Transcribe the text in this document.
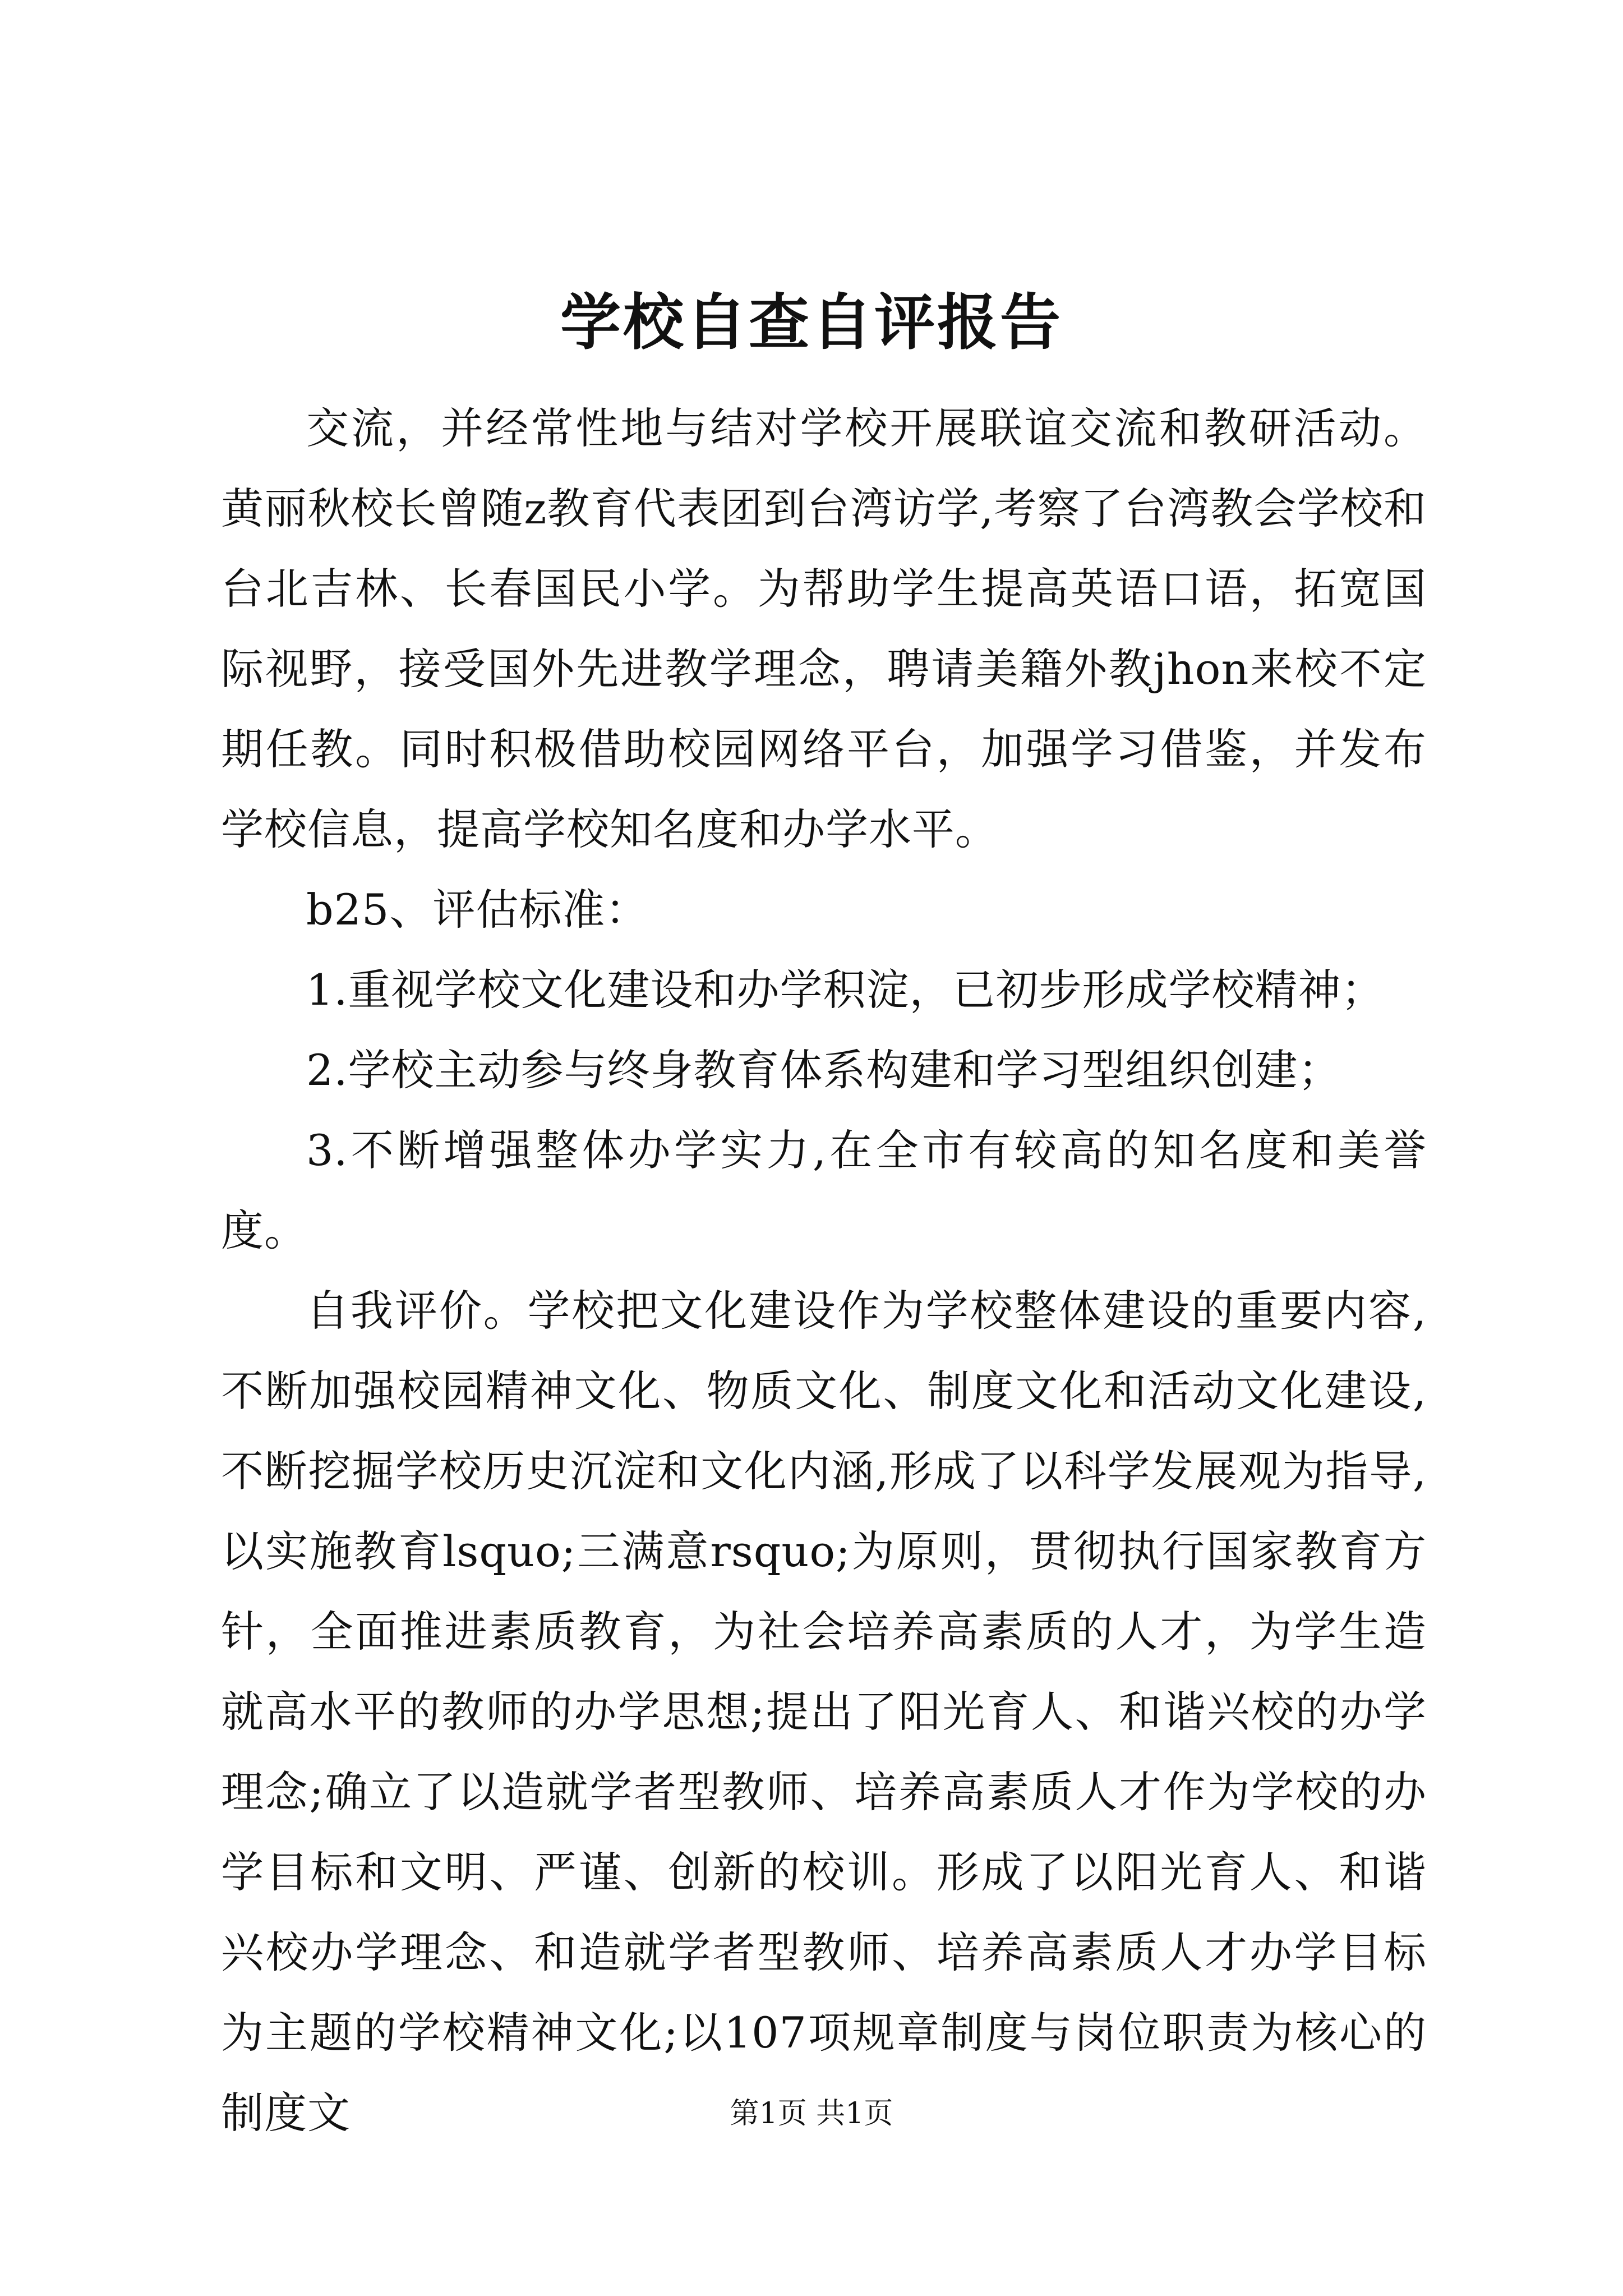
学校自查自评报告

交流，并经常性地与结对学校开展联谊交流和教研活动。黄丽秋校长曾随z教育代表团到台湾访学,考察了台湾教会学校和台北吉林、长春国民小学。为帮助学生提高英语口语，拓宽国际视野，接受国外先进教学理念，聘请美籍外教jhon来校不定期任教。同时积极借助校园网络平台，加强学习借鉴，并发布学校信息，提高学校知名度和办学水平。

b25、评估标准：

1.重视学校文化建设和办学积淀，已初步形成学校精神；

2.学校主动参与终身教育体系构建和学习型组织创建；

3.不断增强整体办学实力,在全市有较高的知名度和美誉度。

自我评价。学校把文化建设作为学校整体建设的重要内容,不断加强校园精神文化、物质文化、制度文化和活动文化建设,不断挖掘学校历史沉淀和文化内涵,形成了以科学发展观为指导,以实施教育lsquo;三满意rsquo;为原则，贯彻执行国家教育方针，全面推进素质教育，为社会培养高素质的人才，为学生造就高水平的教师的办学思想;提出了阳光育人、和谐兴校的办学理念;确立了以造就学者型教师、培养高素质人才作为学校的办学目标和文明、严谨、创新的校训。形成了以阳光育人、和谐兴校办学理念、和造就学者型教师、培养高素质人才办学目标为主题的学校精神文化;以107项规章制度与岗位职责为核心的制度文	第1页 共1页
